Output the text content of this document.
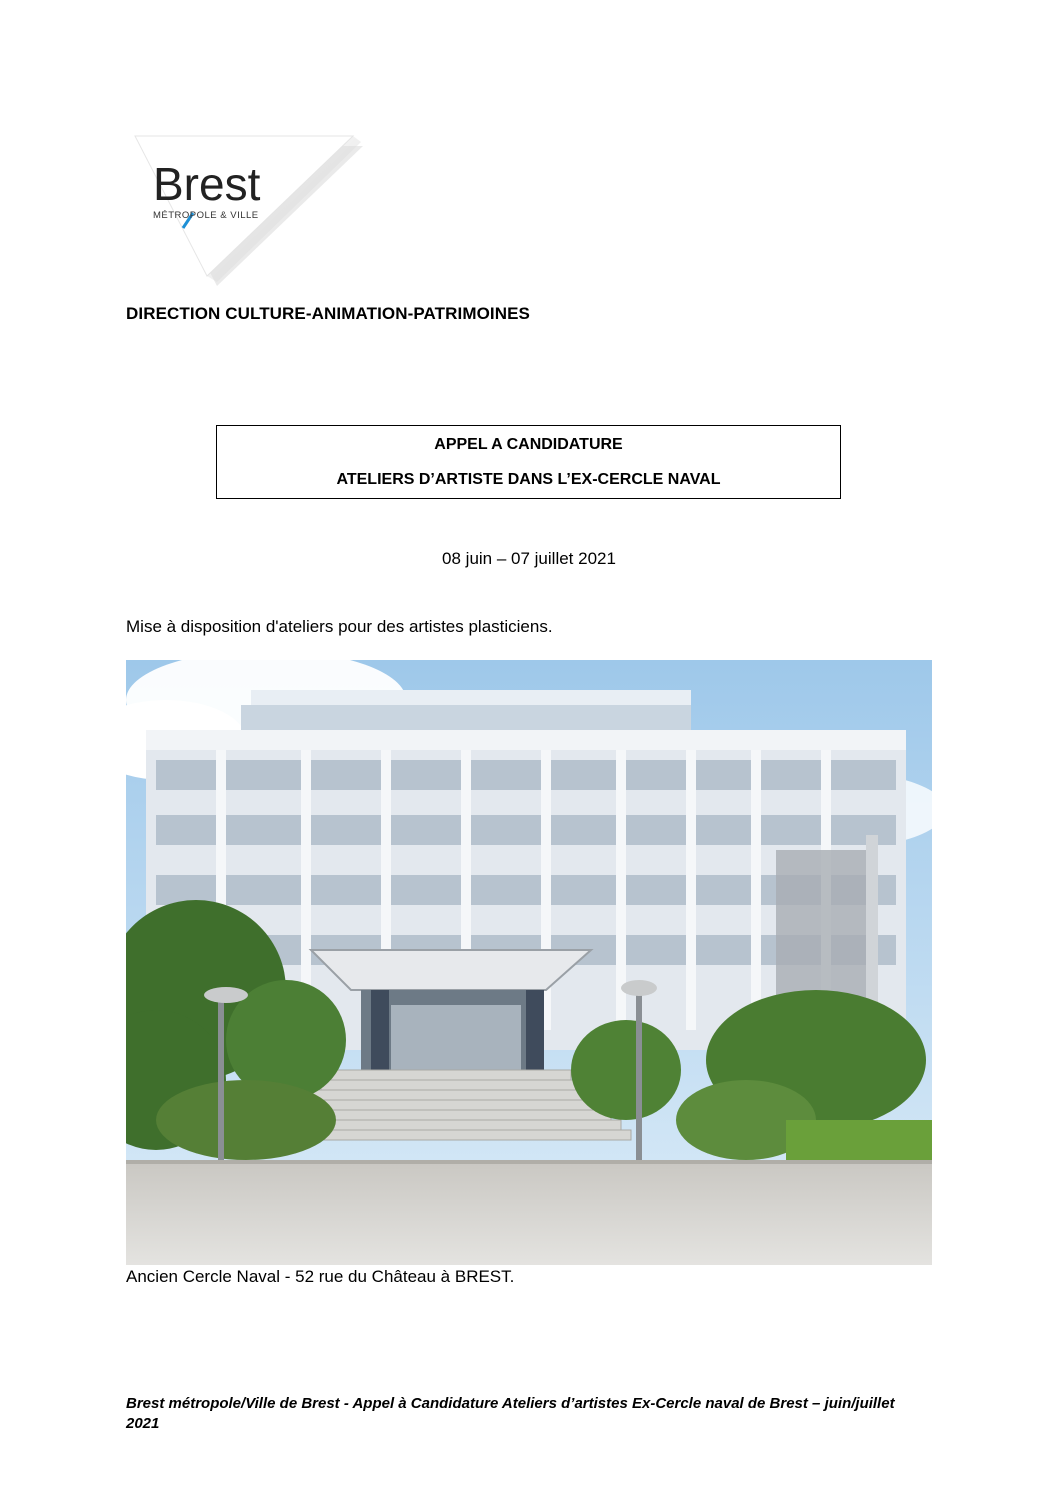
Brest
MÉTROPOLE & VILLE
DIRECTION CULTURE-ANIMATION-PATRIMOINES
APPEL A CANDIDATURE
ATELIERS D’ARTISTE DANS L’EX-CERCLE NAVAL
08 juin – 07 juillet 2021
Mise à disposition d'ateliers pour des artistes plasticiens.
Ancien Cercle Naval - 52 rue du Château à BREST.
Brest métropole/Ville de Brest - Appel à Candidature Ateliers d’artistes Ex-Cercle naval de Brest – juin/juillet 2021
